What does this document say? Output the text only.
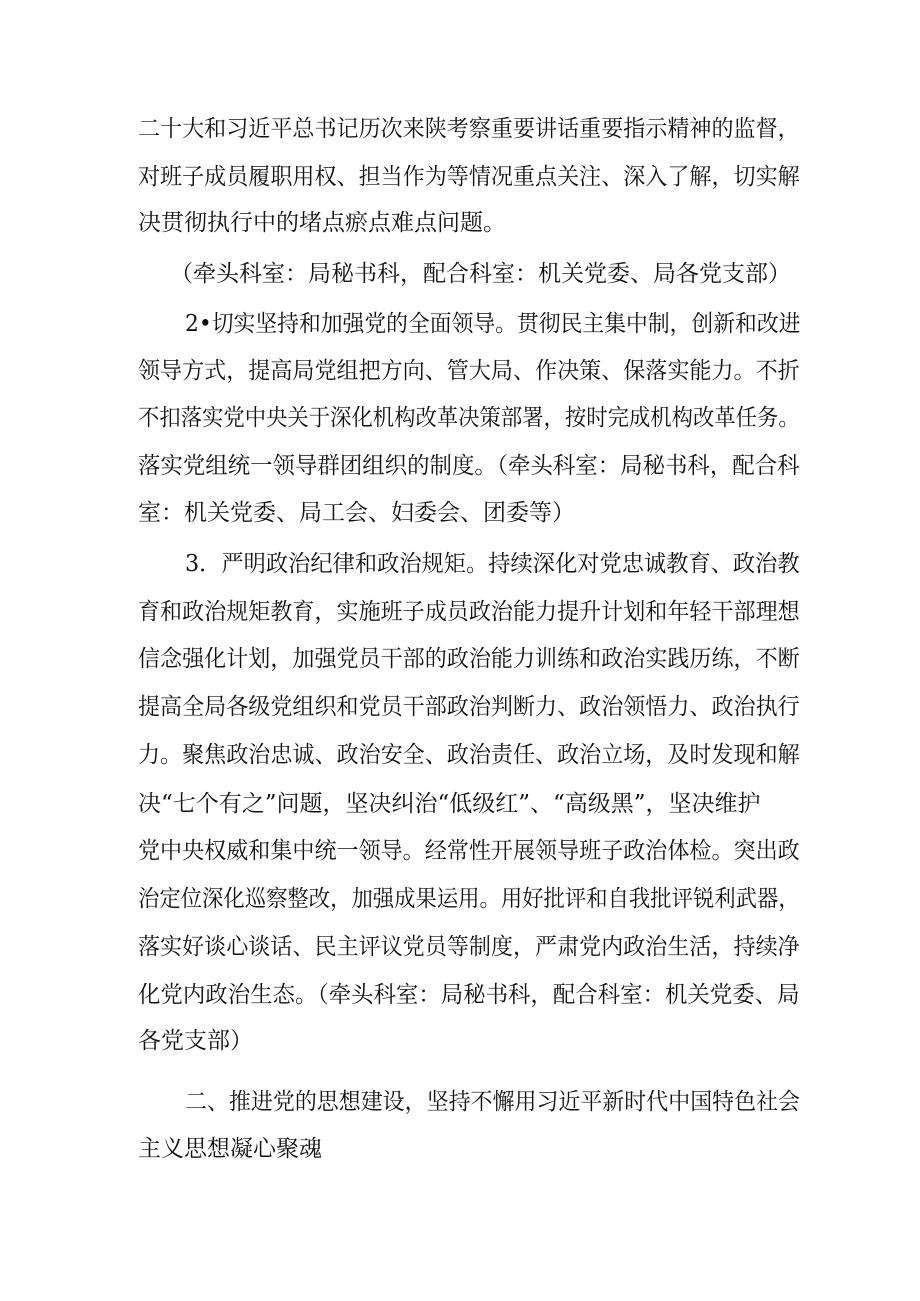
二十大和习近平总书记历次来陕考察重要讲话重要指示精神的监督，
对班子成员履职用权、担当作为等情况重点关注、深入了解，切实解
决贯彻执行中的堵点瘀点难点问题。
（牵头科室：局秘书科，配合科室：机关党委、局各党支部）
2•切实坚持和加强党的全面领导。贯彻民主集中制，创新和改进
领导方式，提高局党组把方向、管大局、作决策、保落实能力。不折
不扣落实党中央关于深化机构改革决策部署，按时完成机构改革任务。
落实党组统一领导群团组织的制度。（牵头科室：局秘书科，配合科
室：机关党委、局工会、妇委会、团委等）
3．严明政治纪律和政治规矩。持续深化对党忠诚教育、政治教
育和政治规矩教育，实施班子成员政治能力提升计划和年轻干部理想
信念强化计划，加强党员干部的政治能力训练和政治实践历练，不断
提高全局各级党组织和党员干部政治判断力、政治领悟力、政治执行
力。聚焦政治忠诚、政治安全、政治责任、政治立场，及时发现和解
决“七个有之”问题，坚决纠治“低级红”、“高级黑”，坚决维护
党中央权威和集中统一领导。经常性开展领导班子政治体检。突出政
治定位深化巡察整改，加强成果运用。用好批评和自我批评锐利武器，
落实好谈心谈话、民主评议党员等制度，严肃党内政治生活，持续净
化党内政治生态。（牵头科室：局秘书科，配合科室：机关党委、局
各党支部）
二、推进党的思想建设，坚持不懈用习近平新时代中国特色社会
主义思想凝心聚魂
